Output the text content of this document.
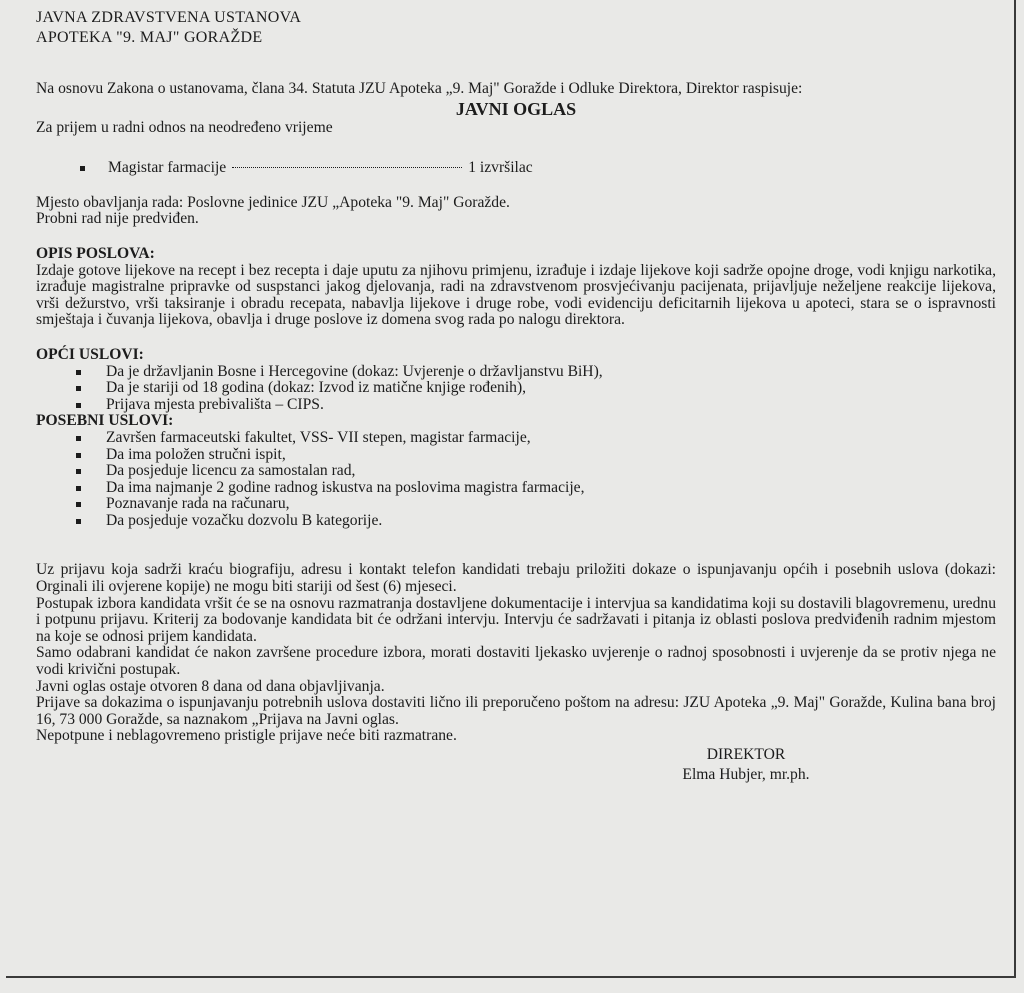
JAVNA ZDRAVSTVENA USTANOVA

APOTEKA "9. MAJ" GORAŽDE

Na osnovu Zakona o ustanovama, člana 34. Statuta JZU Apoteka „9. Maj" Goražde i Odluke Direktora, Direktor raspisuje:

JAVNI OGLAS

Za prijem u radni odnos na neodređeno vrijeme

Magistar farmacije	1 izvršilac

Mjesto obavljanja rada: Poslovne jedinice JZU „Apoteka "9. Maj" Goražde.

Probni rad nije predviđen.

OPIS POSLOVA:

Izdaje gotove lijekove na recept i bez recepta i daje uputu za njihovu primjenu, izrađuje i izdaje lijekove koji sadrže opojne droge, vodi knjigu narkotika, izrađuje magistralne pripravke od suspstanci jakog djelovanja, radi na zdravstvenom prosvjećivanju pacijenata, prijavljuje neželjene reakcije lijekova, vrši dežurstvo, vrši taksiranje i obradu recepata, nabavlja lijekove i druge robe, vodi evidenciju deficitarnih lijekova u apoteci, stara se o ispravnosti smještaja i čuvanja lijekova, obavlja i druge poslove iz domena svog rada po nalogu direktora.

OPĆI USLOVI:

Da je državljanin Bosne i Hercegovine (dokaz: Uvjerenje o državljanstvu BiH),
Da je stariji od 18 godina (dokaz: Izvod iz matične knjige rođenih),
Prijava mjesta prebivališta – CIPS.

POSEBNI USLOVI:

Završen farmaceutski fakultet, VSS- VII stepen, magistar farmacije,
Da ima položen stručni ispit,
Da posjeduje licencu za samostalan rad,
Da ima najmanje 2 godine radnog iskustva na poslovima magistra farmacije,
Poznavanje rada na računaru,
Da posjeduje vozačku dozvolu B kategorije.

Uz prijavu koja sadrži kraću biografiju, adresu i kontakt telefon kandidati trebaju priložiti dokaze o ispunjavanju općih i posebnih uslova (dokazi: Orginali ili ovjerene kopije) ne mogu biti stariji od šest (6) mjeseci.

Postupak izbora kandidata vršit će se na osnovu razmatranja dostavljene dokumentacije i intervjua sa kandidatima koji su dostavili blagovremenu, urednu i potpunu prijavu. Kriterij za bodovanje kandidata bit će održani intervju. Intervju će sadržavati i pitanja iz oblasti poslova predviđenih radnim mjestom na koje se odnosi prijem kandidata.

Samo odabrani kandidat će nakon završene procedure izbora, morati dostaviti ljekasko uvjerenje o radnoj sposobnosti i uvjerenje da se protiv njega ne vodi krivični postupak.

Javni oglas ostaje otvoren 8 dana od dana objavljivanja.

Prijave sa dokazima o ispunjavanju potrebnih uslova dostaviti lično ili preporučeno poštom na adresu: JZU Apoteka „9. Maj" Goražde, Kulina bana broj 16, 73 000 Goražde, sa naznakom „Prijava na Javni oglas.

Nepotpune i neblagovremeno pristigle prijave neće biti razmatrane.

DIREKTOR

Elma Hubjer, mr.ph.
